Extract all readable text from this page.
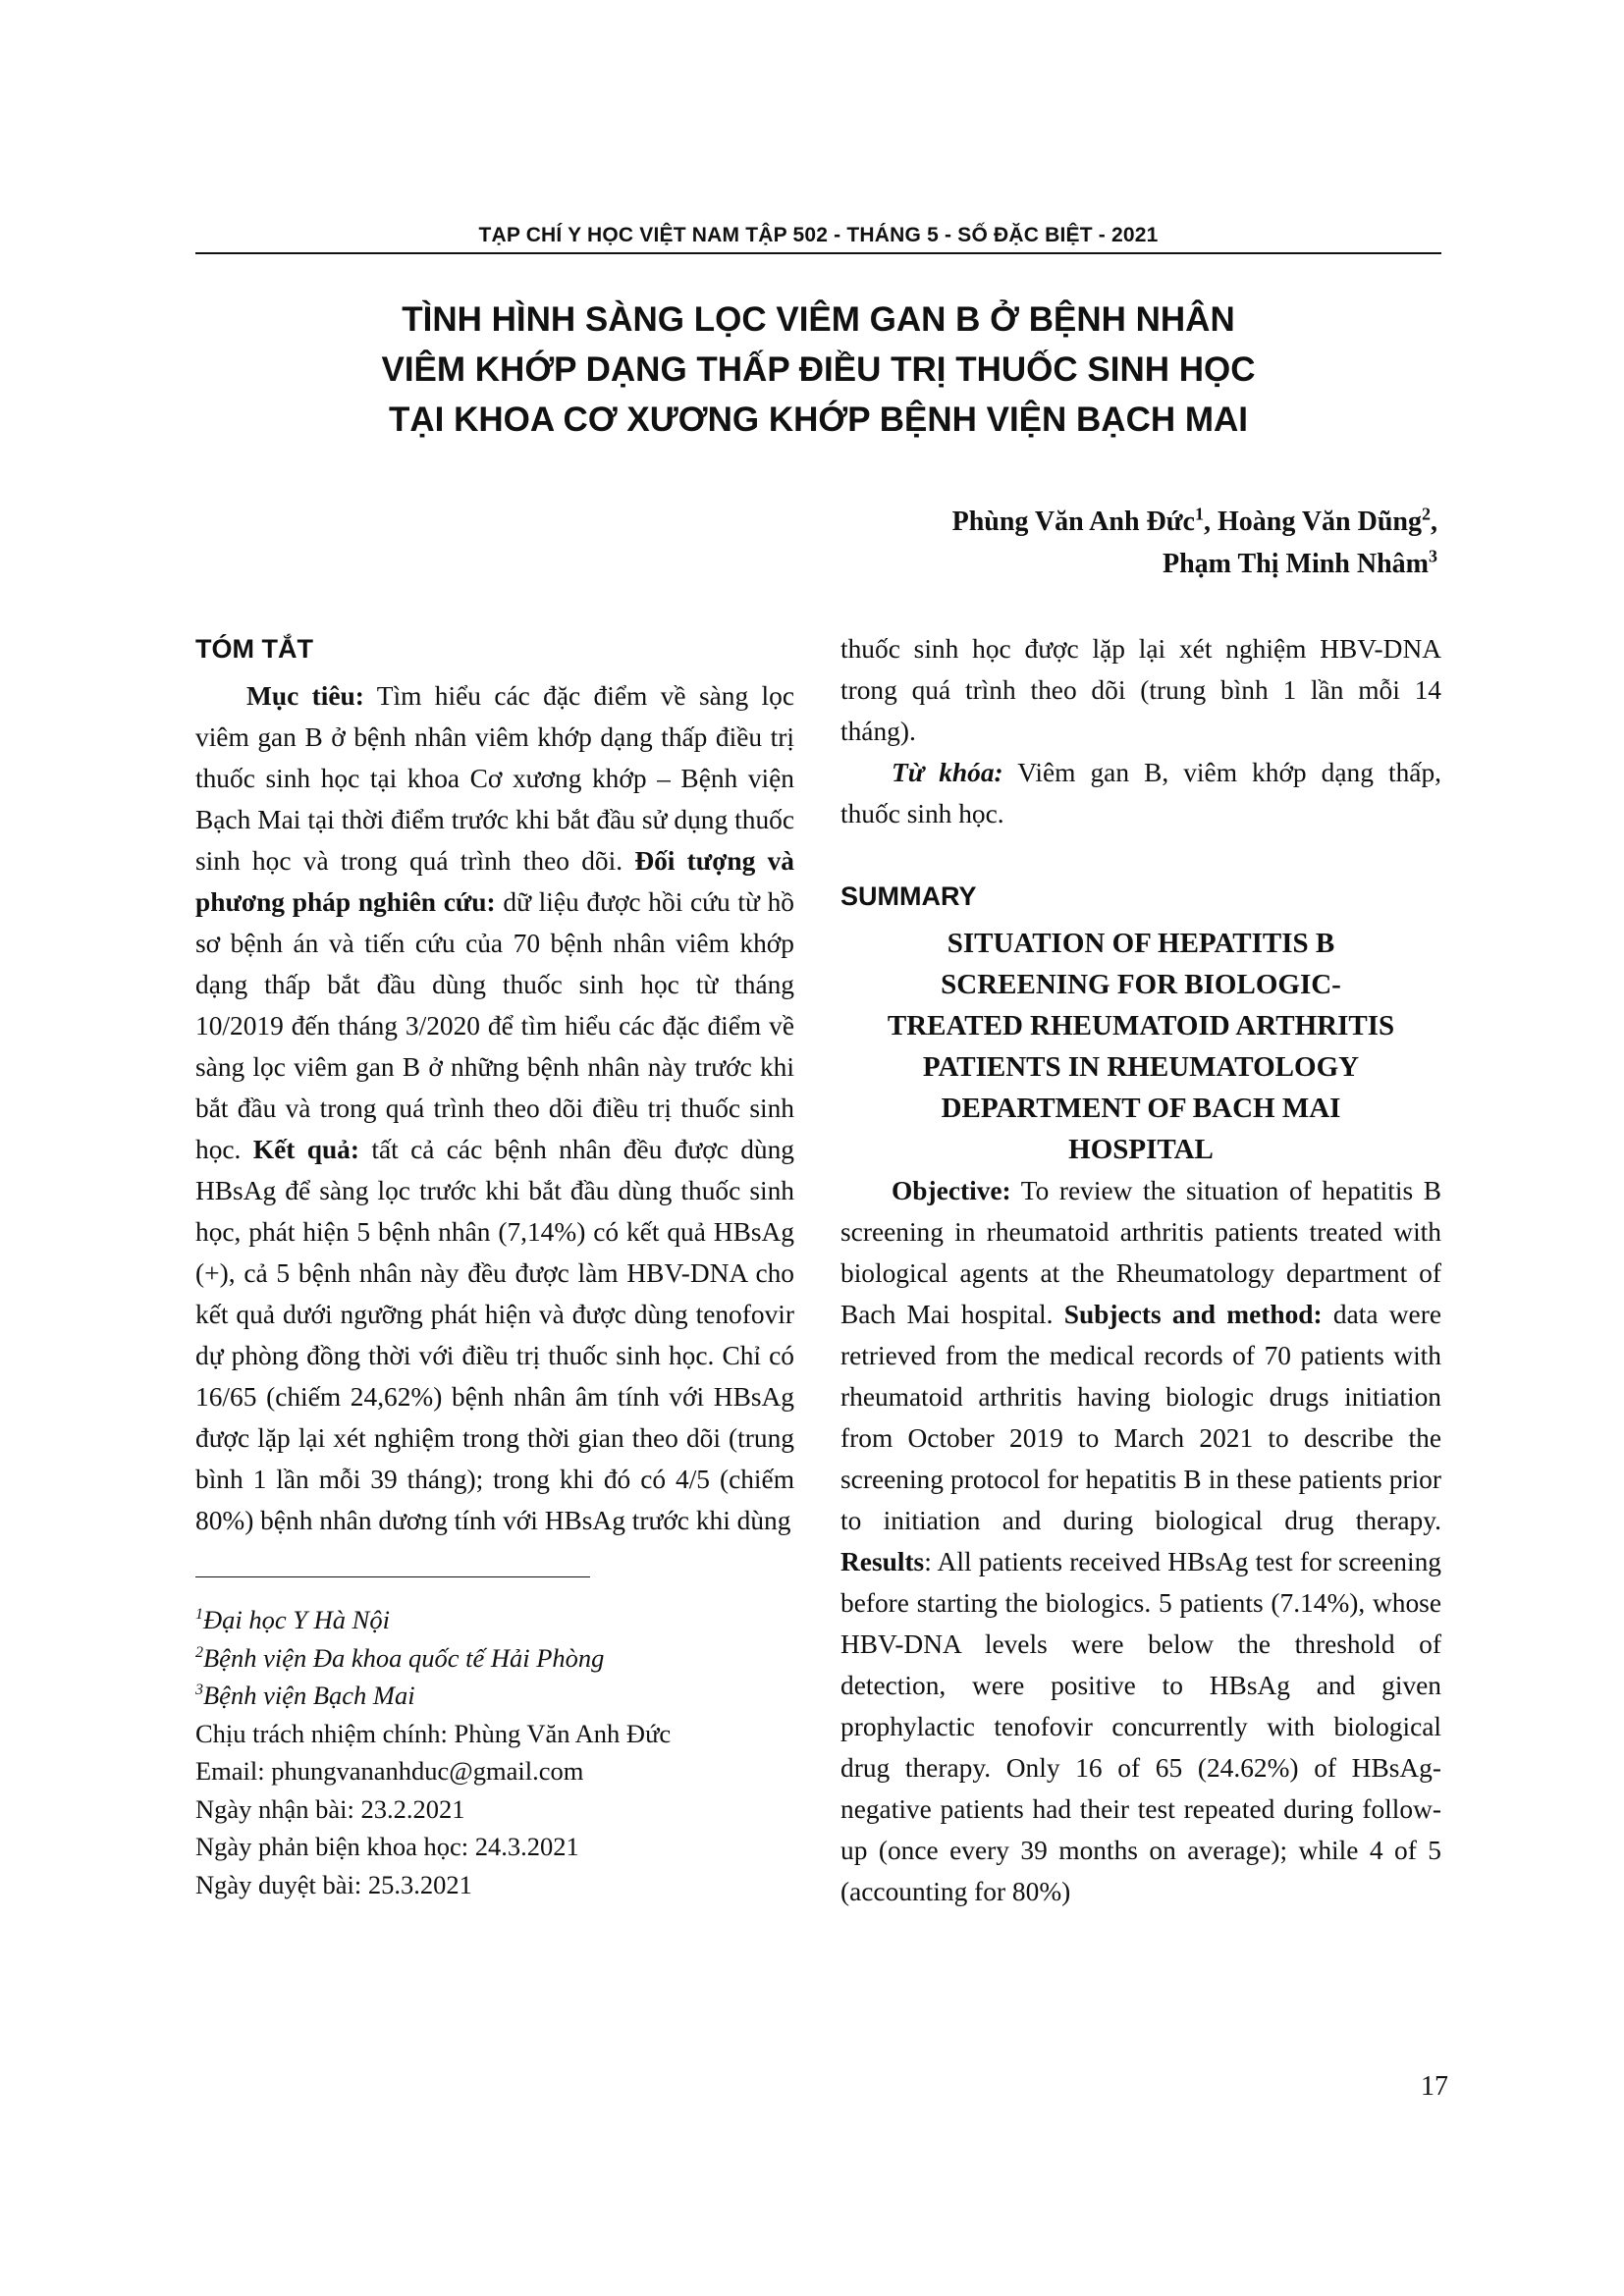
TẠP CHÍ Y HỌC VIỆT NAM TẬP 502 - THÁNG 5 - SỐ ĐẶC BIỆT - 2021
TÌNH HÌNH SÀNG LỌC VIÊM GAN B Ở BỆNH NHÂN
VIÊM KHỚP DẠNG THẤP ĐIỀU TRỊ THUỐC SINH HỌC
TẠI KHOA CƠ XƯƠNG KHỚP BỆNH VIỆN BẠCH MAI
Phùng Văn Anh Đức$^1$, Hoàng Văn Dũng$^2$,
Phạm Thị Minh Nhâm$^3$
TÓM TẮT

Mục tiêu: Tìm hiểu các đặc điểm về sàng lọc viêm gan B ở bệnh nhân viêm khớp dạng thấp điều trị thuốc sinh học tại khoa Cơ xương khớp – Bệnh viện Bạch Mai tại thời điểm trước khi bắt đầu sử dụng thuốc sinh học và trong quá trình theo dõi. Đối tượng và phương pháp nghiên cứu: dữ liệu được hồi cứu từ hồ sơ bệnh án và tiến cứu của 70 bệnh nhân viêm khớp dạng thấp bắt đầu dùng thuốc sinh học từ tháng 10/2019 đến tháng 3/2020 để tìm hiểu các đặc điểm về sàng lọc viêm gan B ở những bệnh nhân này trước khi bắt đầu và trong quá trình theo dõi điều trị thuốc sinh học. Kết quả: tất cả các bệnh nhân đều được dùng HBsAg để sàng lọc trước khi bắt đầu dùng thuốc sinh học, phát hiện 5 bệnh nhân (7,14%) có kết quả HBsAg (+), cả 5 bệnh nhân này đều được làm HBV-DNA cho kết quả dưới ngưỡng phát hiện và được dùng tenofovir dự phòng đồng thời với điều trị thuốc sinh học. Chỉ có 16/65 (chiếm 24,62%) bệnh nhân âm tính với HBsAg được lặp lại xét nghiệm trong thời gian theo dõi (trung bình 1 lần mỗi 39 tháng); trong khi đó có 4/5 (chiếm 80%) bệnh nhân dương tính với HBsAg trước khi dùng

$^1$Đại học Y Hà Nội

$^2$Bệnh viện Đa khoa quốc tế Hải Phòng

$^3$Bệnh viện Bạch Mai

Chịu trách nhiệm chính: Phùng Văn Anh Đức

Email: phungvananhduc@gmail.com

Ngày nhận bài: 23.2.2021

Ngày phản biện khoa học: 24.3.2021

Ngày duyệt bài: 25.3.2021

thuốc sinh học được lặp lại xét nghiệm HBV-DNA trong quá trình theo dõi (trung bình 1 lần mỗi 14 tháng).

Từ khóa: Viêm gan B, viêm khớp dạng thấp, thuốc sinh học.

SUMMARY
SITUATION OF HEPATITIS B
SCREENING FOR BIOLOGIC-
TREATED RHEUMATOID ARTHRITIS
PATIENTS IN RHEUMATOLOGY
DEPARTMENT OF BACH MAI
HOSPITAL

Objective: To review the situation of hepatitis B screening in rheumatoid arthritis patients treated with biological agents at the Rheumatology department of Bach Mai hospital. Subjects and method: data were retrieved from the medical records of 70 patients with rheumatoid arthritis having biologic drugs initiation from October 2019 to March 2021 to describe the screening protocol for hepatitis B in these patients prior to initiation and during biological drug therapy. Results: All patients received HBsAg test for screening before starting the biologics. 5 patients (7.14%), whose HBV-DNA levels were below the threshold of detection, were positive to HBsAg and given prophylactic tenofovir concurrently with biological drug therapy. Only 16 of 65 (24.62%) of HBsAg-negative patients had their test repeated during follow-up (once every 39 months on average); while 4 of 5 (accounting for 80%)

17
